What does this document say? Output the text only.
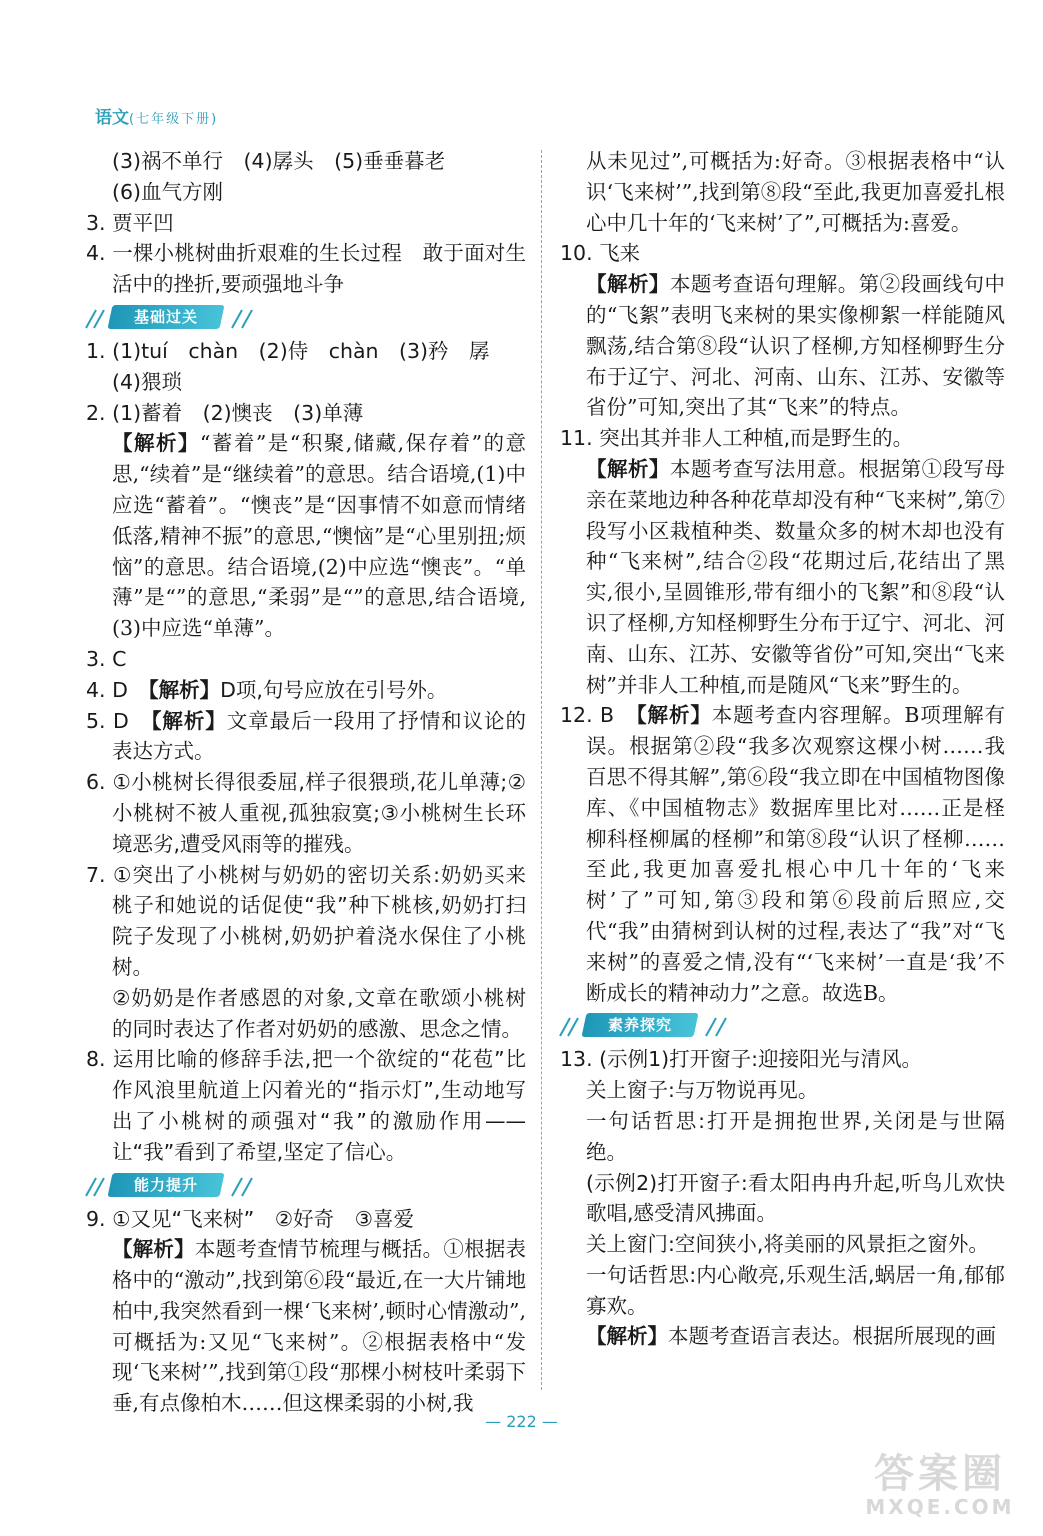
语文(七年级下册)

(3)祸不单行　(4)孱头　(5)垂垂暮老

(6)血气方刚

3. 贾平凹

4. 一棵小桃树曲折艰难的生长过程　敢于面对生活中的挫折,要顽强地斗争

基础过关

1. (1)tuí　chàn　(2)侍　chàn　(3)矜　孱

(4)猥琐

2. (1)蓄着　(2)懊丧　(3)单薄

【解析】“蓄着”是“积聚,储藏,保存着”的意思,“续着”是“继续着”的意思。结合语境,(1)中应选“蓄着”。“懊丧”是“因事情不如意而情绪低落,精神不振”的意思,“懊恼”是“心里别扭;烦恼”的意思。结合语境,(2)中应选“懊丧”。“单薄”是“”的意思,“柔弱”是“”的意思,结合语境,(3)中应选“单薄”。

3. C

4. D　【解析】D项,句号应放在引号外。

5. D　【解析】文章最后一段用了抒情和议论的表达方式。

6. ①小桃树长得很委屈,样子很猥琐,花儿单薄;②小桃树不被人重视,孤独寂寞;③小桃树生长环境恶劣,遭受风雨等的摧残。

7. ①突出了小桃树与奶奶的密切关系:奶奶买来桃子和她说的话促使“我”种下桃核,奶奶打扫院子发现了小桃树,奶奶护着浇水保住了小桃树。

②奶奶是作者感恩的对象,文章在歌颂小桃树的同时表达了作者对奶奶的感激、思念之情。

8. 运用比喻的修辞手法,把一个欲绽的“花苞”比作风浪里航道上闪着光的“指示灯”,生动地写出了小桃树的顽强对“我”的激励作用——让“我”看到了希望,坚定了信心。

能力提升

9. ①又见“飞来树”　②好奇　③喜爱

【解析】本题考查情节梳理与概括。①根据表格中的“激动”,找到第⑥段“最近,在一大片铺地柏中,我突然看到一棵‘飞来树’,顿时心情激动”,可概括为:又见“飞来树”。②根据表格中“发现‘飞来树’”,找到第①段“那棵小树枝叶柔弱下垂,有点像柏木……但这棵柔弱的小树,我

从未见过”,可概括为:好奇。③根据表格中“认识‘飞来树’”,找到第⑧段“至此,我更加喜爱扎根心中几十年的‘飞来树’了”,可概括为:喜爱。

10. 飞来

【解析】本题考查语句理解。第②段画线句中的“飞絮”表明飞来树的果实像柳絮一样能随风飘荡,结合第⑧段“认识了柽柳,方知柽柳野生分布于辽宁、河北、河南、山东、江苏、安徽等省份”可知,突出了其“飞来”的特点。

11. 突出其并非人工种植,而是野生的。

【解析】本题考查写法用意。根据第①段写母亲在菜地边种各种花草却没有种“飞来树”,第⑦段写小区栽植种类、数量众多的树木却也没有种“飞来树”,结合②段“花期过后,花结出了黑实,很小,呈圆锥形,带有细小的飞絮”和⑧段“认识了柽柳,方知柽柳野生分布于辽宁、河北、河南、山东、江苏、安徽等省份”可知,突出“飞来树”并非人工种植,而是随风“飞来”野生的。

12. B　【解析】本题考查内容理解。B项理解有误。根据第②段“我多次观察这棵小树……我百思不得其解”,第⑥段“我立即在中国植物图像库、《中国植物志》数据库里比对……正是柽柳科柽柳属的柽柳”和第⑧段“认识了柽柳……至此,我更加喜爱扎根心中几十年的‘飞来树’了”可知,第③段和第⑥段前后照应,交代“我”由猜树到认树的过程,表达了“我”对“飞来树”的喜爱之情,没有“‘飞来树’一直是‘我’不断成长的精神动力”之意。故选B。

素养探究

13. (示例1)打开窗子:迎接阳光与清风。

关上窗子:与万物说再见。

一句话哲思:打开是拥抱世界,关闭是与世隔绝。

(示例2)打开窗子:看太阳冉冉升起,听鸟儿欢快歌唱,感受清风拂面。

关上窗门:空间狭小,将美丽的风景拒之窗外。

一句话哲思:内心敞亮,乐观生活,蜗居一角,郁郁寡欢。

【解析】本题考查语言表达。根据所展现的画

— 222 —
答案圈
MXQE.COM
